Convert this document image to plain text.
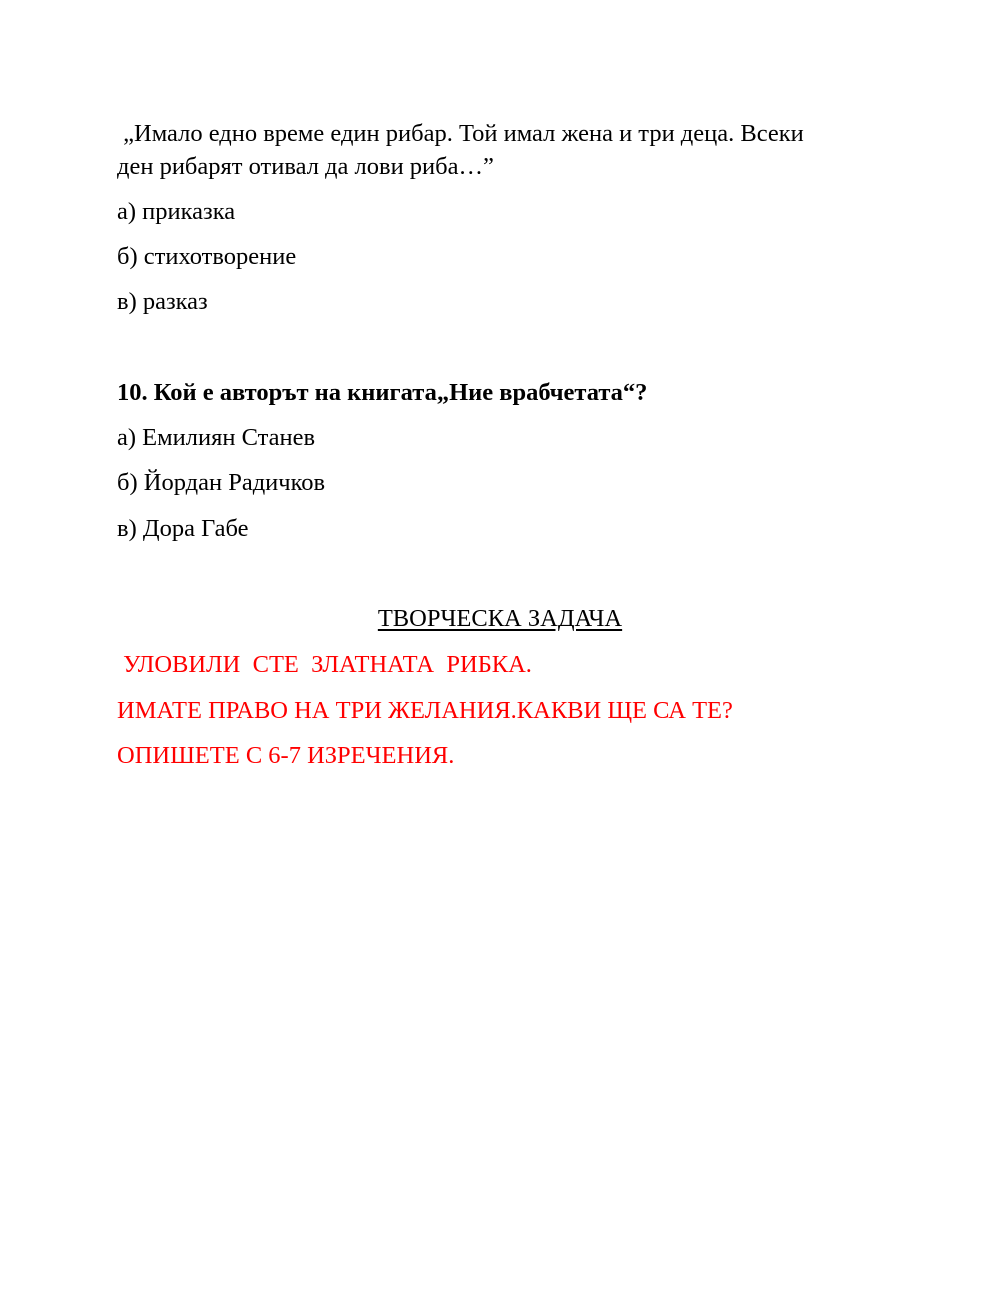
„Имало едно време един рибар. Той имал жена и три деца. Всеки
ден рибарят отивал да лови риба…”
а) приказка
б) стихотворение
в) разказ
10. Кой е авторът на книгата„Ние врабчетата“?
а) Емилиян Станев
б) Йордан Радичков
в) Дора Габе
ТВОРЧЕСКА ЗАДАЧА
УЛОВИЛИ  СТЕ  ЗЛАТНАТА  РИБКА.
ИМАТЕ ПРАВО НА ТРИ ЖЕЛАНИЯ.КАКВИ ЩЕ СА ТЕ?
ОПИШЕТЕ С 6-7 ИЗРЕЧЕНИЯ.
